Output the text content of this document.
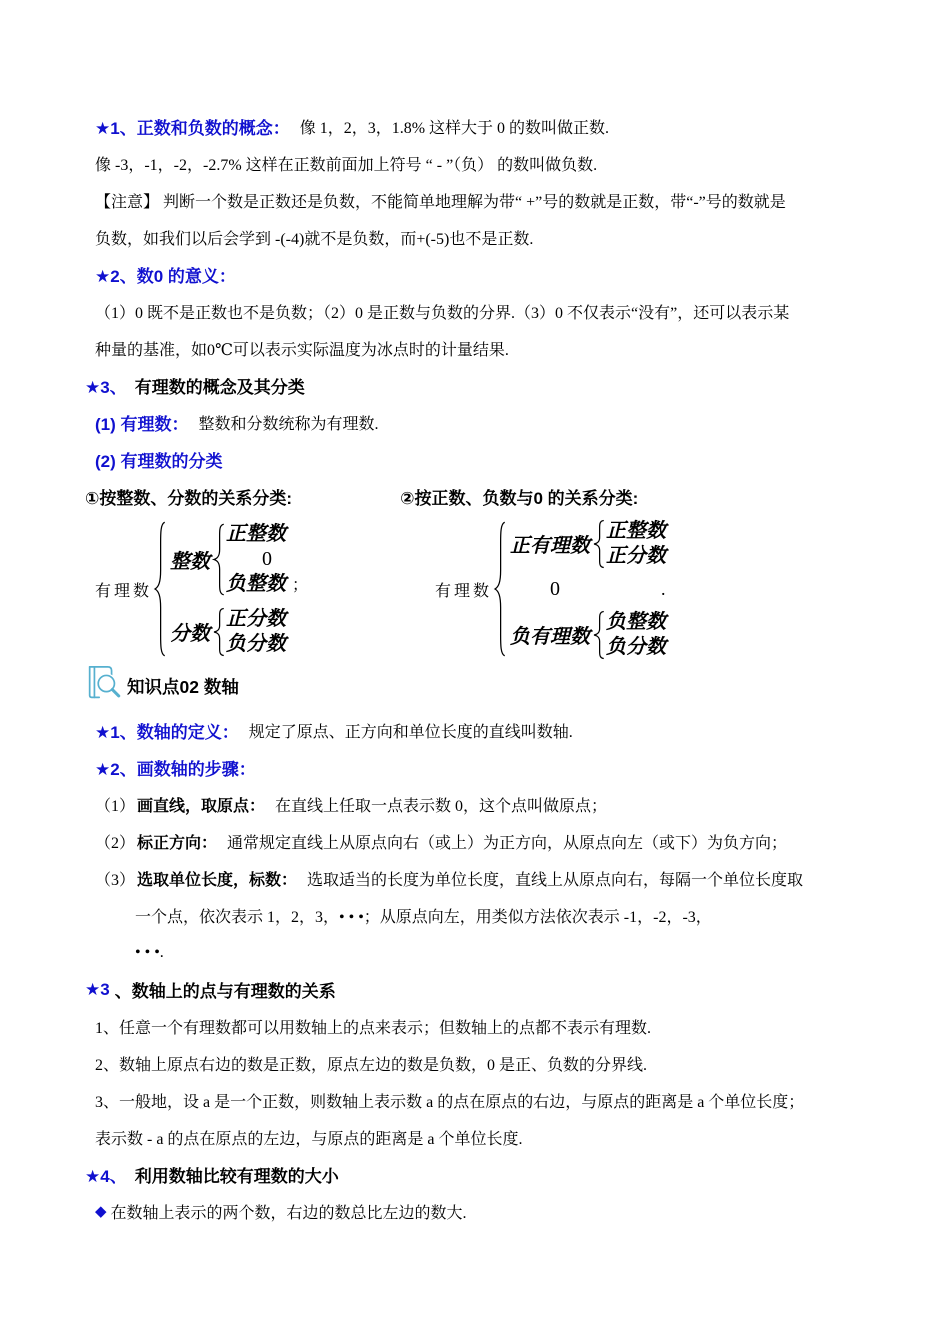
★1、正数和负数的概念： 像 1，2，3，1.8% 这样大于 0 的数叫做正数.
像 -3，-1，-2，-2.7% 这样在正数前面加上符号 “ - ”（负） 的数叫做负数.
【注意】 判断一个数是正数还是负数，不能简单地理解为带“ +”号的数就是正数，带“-”号的数就是
负数，如我们以后会学到 -(-4)就不是负数，而+(-5)也不是正数.
★2、数0 的意义：
（1）0 既不是正数也不是负数；（2）0 是正数与负数的分界.（3）0 不仅表示“没有”，还可以表示某
种量的基准，如0℃可以表示实际温度为冰点时的计量结果.
★3、 有理数的概念及其分类
(1) 有理数： 整数和分数统称为有理数.
(2) 有理数的分类
①按整数、分数的关系分类:	②按正数、负数与0 的关系分类:
有理数
整数
正整数
0
负整数 ；
分数
正分数
负分数
有理数
正有理数
正整数
正分数
0	.
负有理数
负整数
负分数
知识点02 数轴
★1、数轴的定义： 规定了原点、正方向和单位长度的直线叫数轴.
★2、画数轴的步骤：
（1） 画直线，取原点： 在直线上任取一点表示数 0，这个点叫做原点；
（2） 标正方向： 通常规定直线上从原点向右（或上）为正方向，从原点向左（或下）为负方向；
（3） 选取单位长度，标数： 选取适当的长度为单位长度，直线上从原点向右，每隔一个单位长度取
一个点，依次表示 1，2，3，• • •；从原点向左，用类似方法依次表示 -1，-2，-3，
• • •.
★3 、数轴上的点与有理数的关系
1、任意一个有理数都可以用数轴上的点来表示；但数轴上的点都不表示有理数.
2、数轴上原点右边的数是正数，原点左边的数是负数，0 是正、负数的分界线.
3、一般地，设 a 是一个正数，则数轴上表示数 a 的点在原点的右边，与原点的距离是 a 个单位长度；
表示数 - a 的点在原点的左边，与原点的距离是 a 个单位长度.
★4、 利用数轴比较有理数的大小
◆ 在数轴上表示的两个数，右边的数总比左边的数大.
